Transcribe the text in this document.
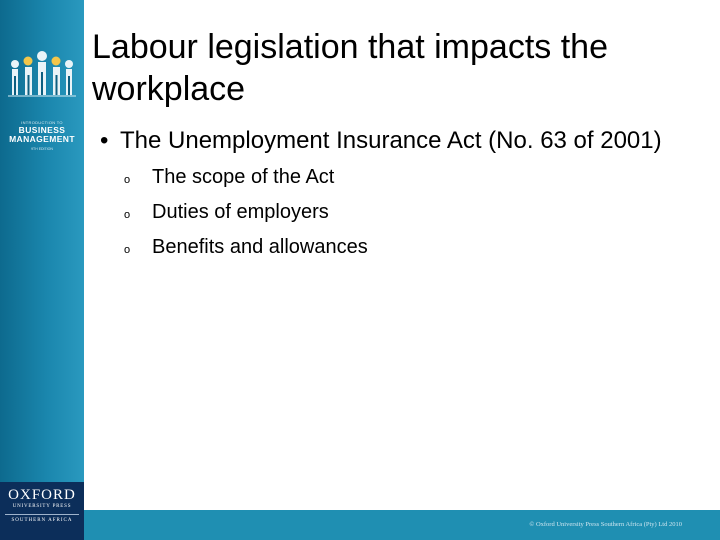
INTRODUCTION TO
BUSINESS
MANAGEMENT
9TH EDITION
OXFORD
UNIVERSITY PRESS
SOUTHERN AFRICA
© Oxford University Press Southern Africa (Pty) Ltd 2010
Labour legislation that impacts the workplace
• The Unemployment Insurance Act (No. 63 of 2001)
o	The scope of the Act
o	Duties of employers
o	Benefits and allowances
